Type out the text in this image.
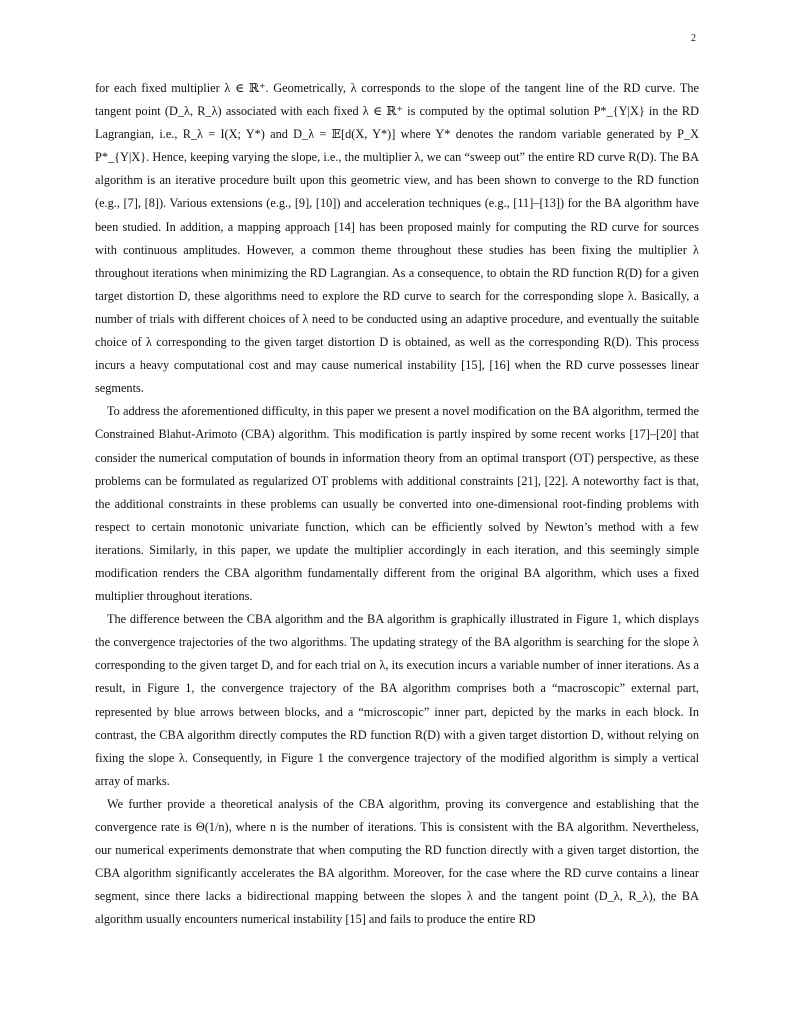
2

for each fixed multiplier λ ∈ ℝ⁺. Geometrically, λ corresponds to the slope of the tangent line of the RD curve. The tangent point (D_λ, R_λ) associated with each fixed λ ∈ ℝ⁺ is computed by the optimal solution P*_{Y|X} in the RD Lagrangian, i.e., R_λ = I(X; Y*) and D_λ = 𝔼[d(X, Y*)] where Y* denotes the random variable generated by P_X P*_{Y|X}. Hence, keeping varying the slope, i.e., the multiplier λ, we can “sweep out” the entire RD curve R(D). The BA algorithm is an iterative procedure built upon this geometric view, and has been shown to converge to the RD function (e.g., [7], [8]). Various extensions (e.g., [9], [10]) and acceleration techniques (e.g., [11]–[13]) for the BA algorithm have been studied. In addition, a mapping approach [14] has been proposed mainly for computing the RD curve for sources with continuous amplitudes. However, a common theme throughout these studies has been fixing the multiplier λ throughout iterations when minimizing the RD Lagrangian. As a consequence, to obtain the RD function R(D) for a given target distortion D, these algorithms need to explore the RD curve to search for the corresponding slope λ. Basically, a number of trials with different choices of λ need to be conducted using an adaptive procedure, and eventually the suitable choice of λ corresponding to the given target distortion D is obtained, as well as the corresponding R(D). This process incurs a heavy computational cost and may cause numerical instability [15], [16] when the RD curve possesses linear segments.

To address the aforementioned difficulty, in this paper we present a novel modification on the BA algorithm, termed the Constrained Blahut-Arimoto (CBA) algorithm. This modification is partly inspired by some recent works [17]–[20] that consider the numerical computation of bounds in information theory from an optimal transport (OT) perspective, as these problems can be formulated as regularized OT problems with additional constraints [21], [22]. A noteworthy fact is that, the additional constraints in these problems can usually be converted into one-dimensional root-finding problems with respect to certain monotonic univariate function, which can be efficiently solved by Newton’s method with a few iterations. Similarly, in this paper, we update the multiplier accordingly in each iteration, and this seemingly simple modification renders the CBA algorithm fundamentally different from the original BA algorithm, which uses a fixed multiplier throughout iterations.

The difference between the CBA algorithm and the BA algorithm is graphically illustrated in Figure 1, which displays the convergence trajectories of the two algorithms. The updating strategy of the BA algorithm is searching for the slope λ corresponding to the given target D, and for each trial on λ, its execution incurs a variable number of inner iterations. As a result, in Figure 1, the convergence trajectory of the BA algorithm comprises both a “macroscopic” external part, represented by blue arrows between blocks, and a “microscopic” inner part, depicted by the marks in each block. In contrast, the CBA algorithm directly computes the RD function R(D) with a given target distortion D, without relying on fixing the slope λ. Consequently, in Figure 1 the convergence trajectory of the modified algorithm is simply a vertical array of marks.

We further provide a theoretical analysis of the CBA algorithm, proving its convergence and establishing that the convergence rate is Θ(1/n), where n is the number of iterations. This is consistent with the BA algorithm. Nevertheless, our numerical experiments demonstrate that when computing the RD function directly with a given target distortion, the CBA algorithm significantly accelerates the BA algorithm. Moreover, for the case where the RD curve contains a linear segment, since there lacks a bidirectional mapping between the slopes λ and the tangent point (D_λ, R_λ), the BA algorithm usually encounters numerical instability [15] and fails to produce the entire RD
